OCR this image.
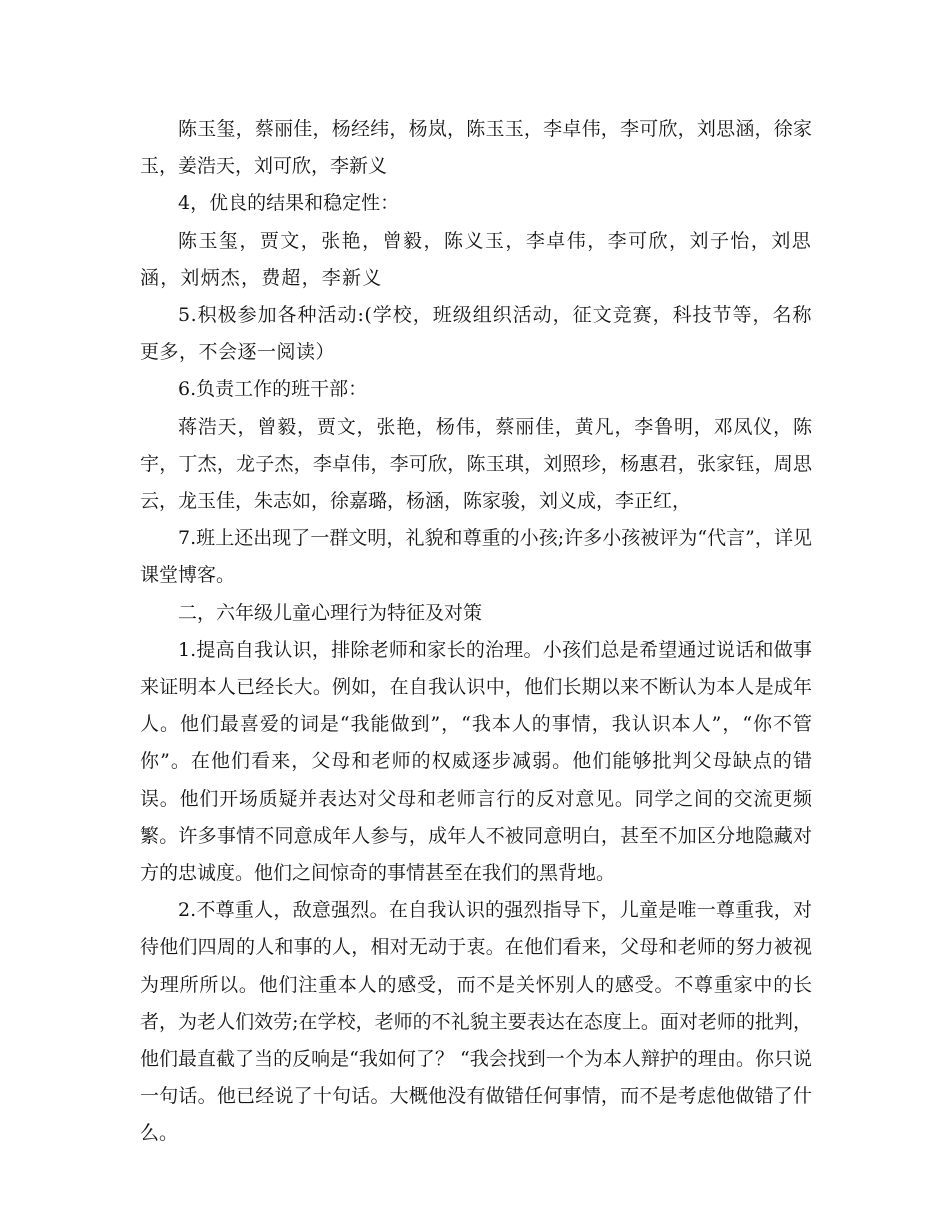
陈玉玺，蔡丽佳，杨经纬，杨岚，陈玉玉，李卓伟，李可欣，刘思涵，徐家玉，姜浩天，刘可欣，李新义

4，优良的结果和稳定性：

陈玉玺，贾文，张艳，曾毅，陈义玉，李卓伟，李可欣，刘子怡，刘思涵，刘炳杰，费超，李新义

5.积极参加各种活动:(学校，班级组织活动，征文竞赛，科技节等，名称更多，不会逐一阅读）

6.负责工作的班干部：

蒋浩天，曾毅，贾文，张艳，杨伟，蔡丽佳，黄凡，李鲁明，邓凤仪，陈宇，丁杰，龙子杰，李卓伟，李可欣，陈玉琪，刘照珍，杨惠君，张家钰，周思云，龙玉佳，朱志如，徐嘉璐，杨涵，陈家骏，刘义成，李正红，

7.班上还出现了一群文明，礼貌和尊重的小孩;许多小孩被评为“代言”，详见课堂博客。

二，六年级儿童心理行为特征及对策

1.提高自我认识，排除老师和家长的治理。小孩们总是希望通过说话和做事来证明本人已经长大。例如，在自我认识中，他们长期以来不断认为本人是成年人。他们最喜爱的词是“我能做到”，“我本人的事情，我认识本人”，“你不管你”。在他们看来，父母和老师的权威逐步减弱。他们能够批判父母缺点的错误。他们开场质疑并表达对父母和老师言行的反对意见。同学之间的交流更频繁。许多事情不同意成年人参与，成年人不被同意明白，甚至不加区分地隐藏对方的忠诚度。他们之间惊奇的事情甚至在我们的黑背地。

2.不尊重人，敌意强烈。在自我认识的强烈指导下，儿童是唯一尊重我，对待他们四周的人和事的人，相对无动于衷。在他们看来，父母和老师的努力被视为理所所以。他们注重本人的感受，而不是关怀别人的感受。不尊重家中的长者，为老人们效劳;在学校，老师的不礼貌主要表达在态度上。面对老师的批判，他们最直截了当的反响是“我如何了？ “我会找到一个为本人辩护的理由。你只说一句话。他已经说了十句话。大概他没有做错任何事情，而不是考虑他做错了什么。
